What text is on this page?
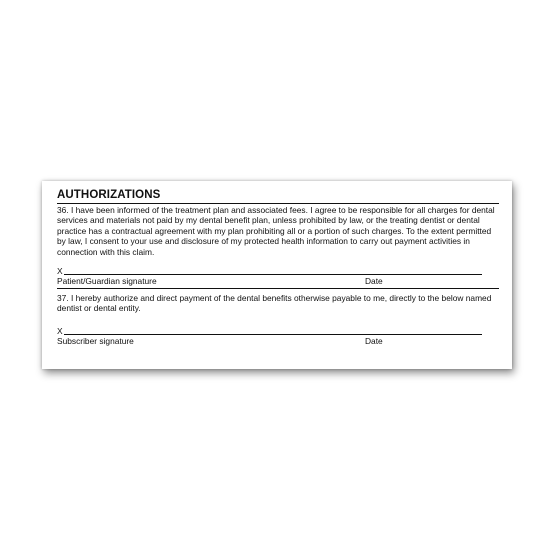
AUTHORIZATIONS

36. I have been informed of the treatment plan and associated fees. I agree to be responsible for all charges for dental services and materials not paid by my dental benefit plan, unless prohibited by law, or the treating dentist or dental practice has a contractual agreement with my plan prohibiting all or a portion of such charges. To the extent permitted by law, I consent to your use and disclosure of my protected health information to carry out payment activities in connection with this claim.

X
Patient/Guardian signature	Date

37. I hereby authorize and direct payment of the dental benefits otherwise payable to me, directly to the below named dentist or dental entity.

X
Subscriber signature	Date
